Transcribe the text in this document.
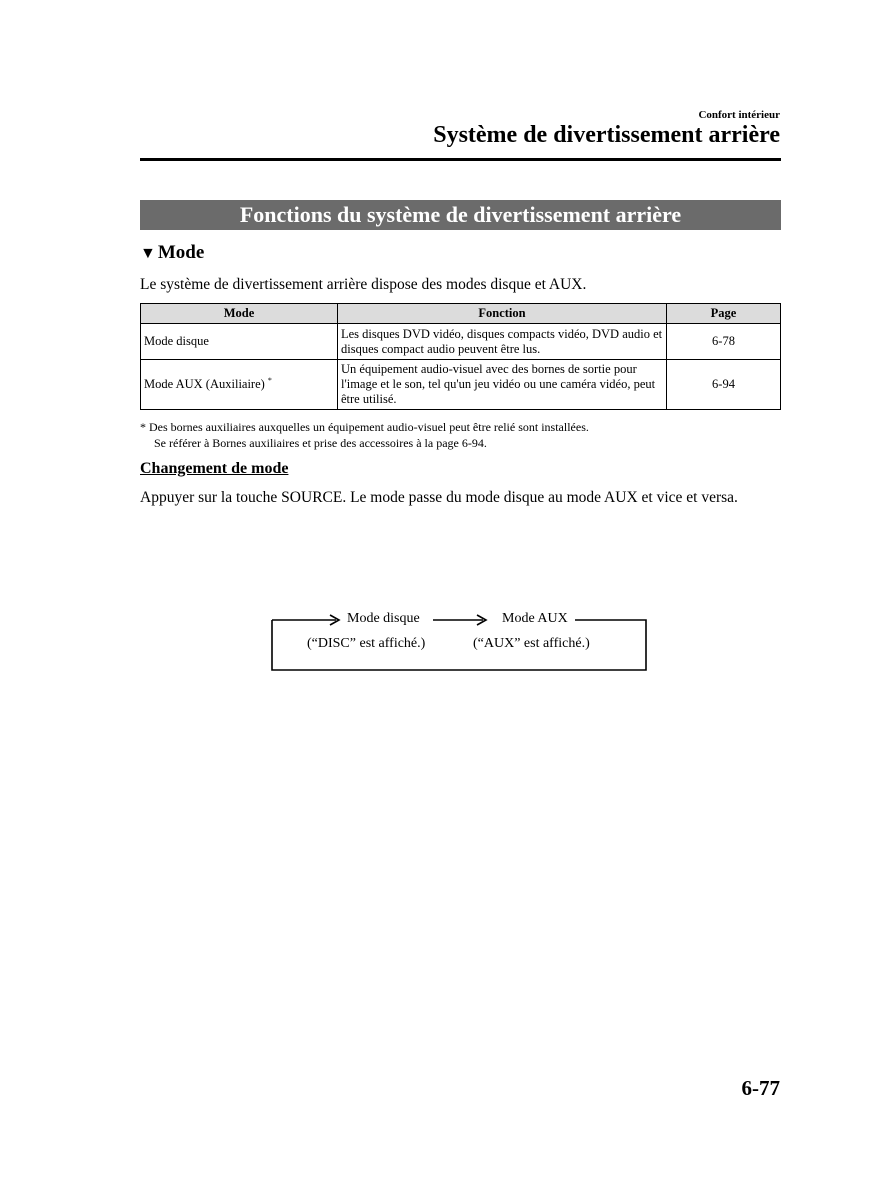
Confort intérieur
Système de divertissement arrière
Fonctions du système de divertissement arrière
▼ Mode
Le système de divertissement arrière dispose des modes disque et AUX.
Mode	Fonction	Page
Mode disque	Les disques DVD vidéo, disques compacts vidéo, DVD audio et disques compact audio peuvent être lus.	6-78
Mode AUX (Auxiliaire) *	Un équipement audio-visuel avec des bornes de sortie pour l'image et le son, tel qu'un jeu vidéo ou une caméra vidéo, peut être utilisé.	6-94
* Des bornes auxiliaires auxquelles un équipement audio-visuel peut être relié sont installées.
Se référer à Bornes auxiliaires et prise des accessoires à la page 6-94.
Changement de mode
Appuyer sur la touche SOURCE. Le mode passe du mode disque au mode AUX et vice et versa.
Mode disque	Mode AUX
(“DISC” est affiché.)	(“AUX” est affiché.)
6-77
